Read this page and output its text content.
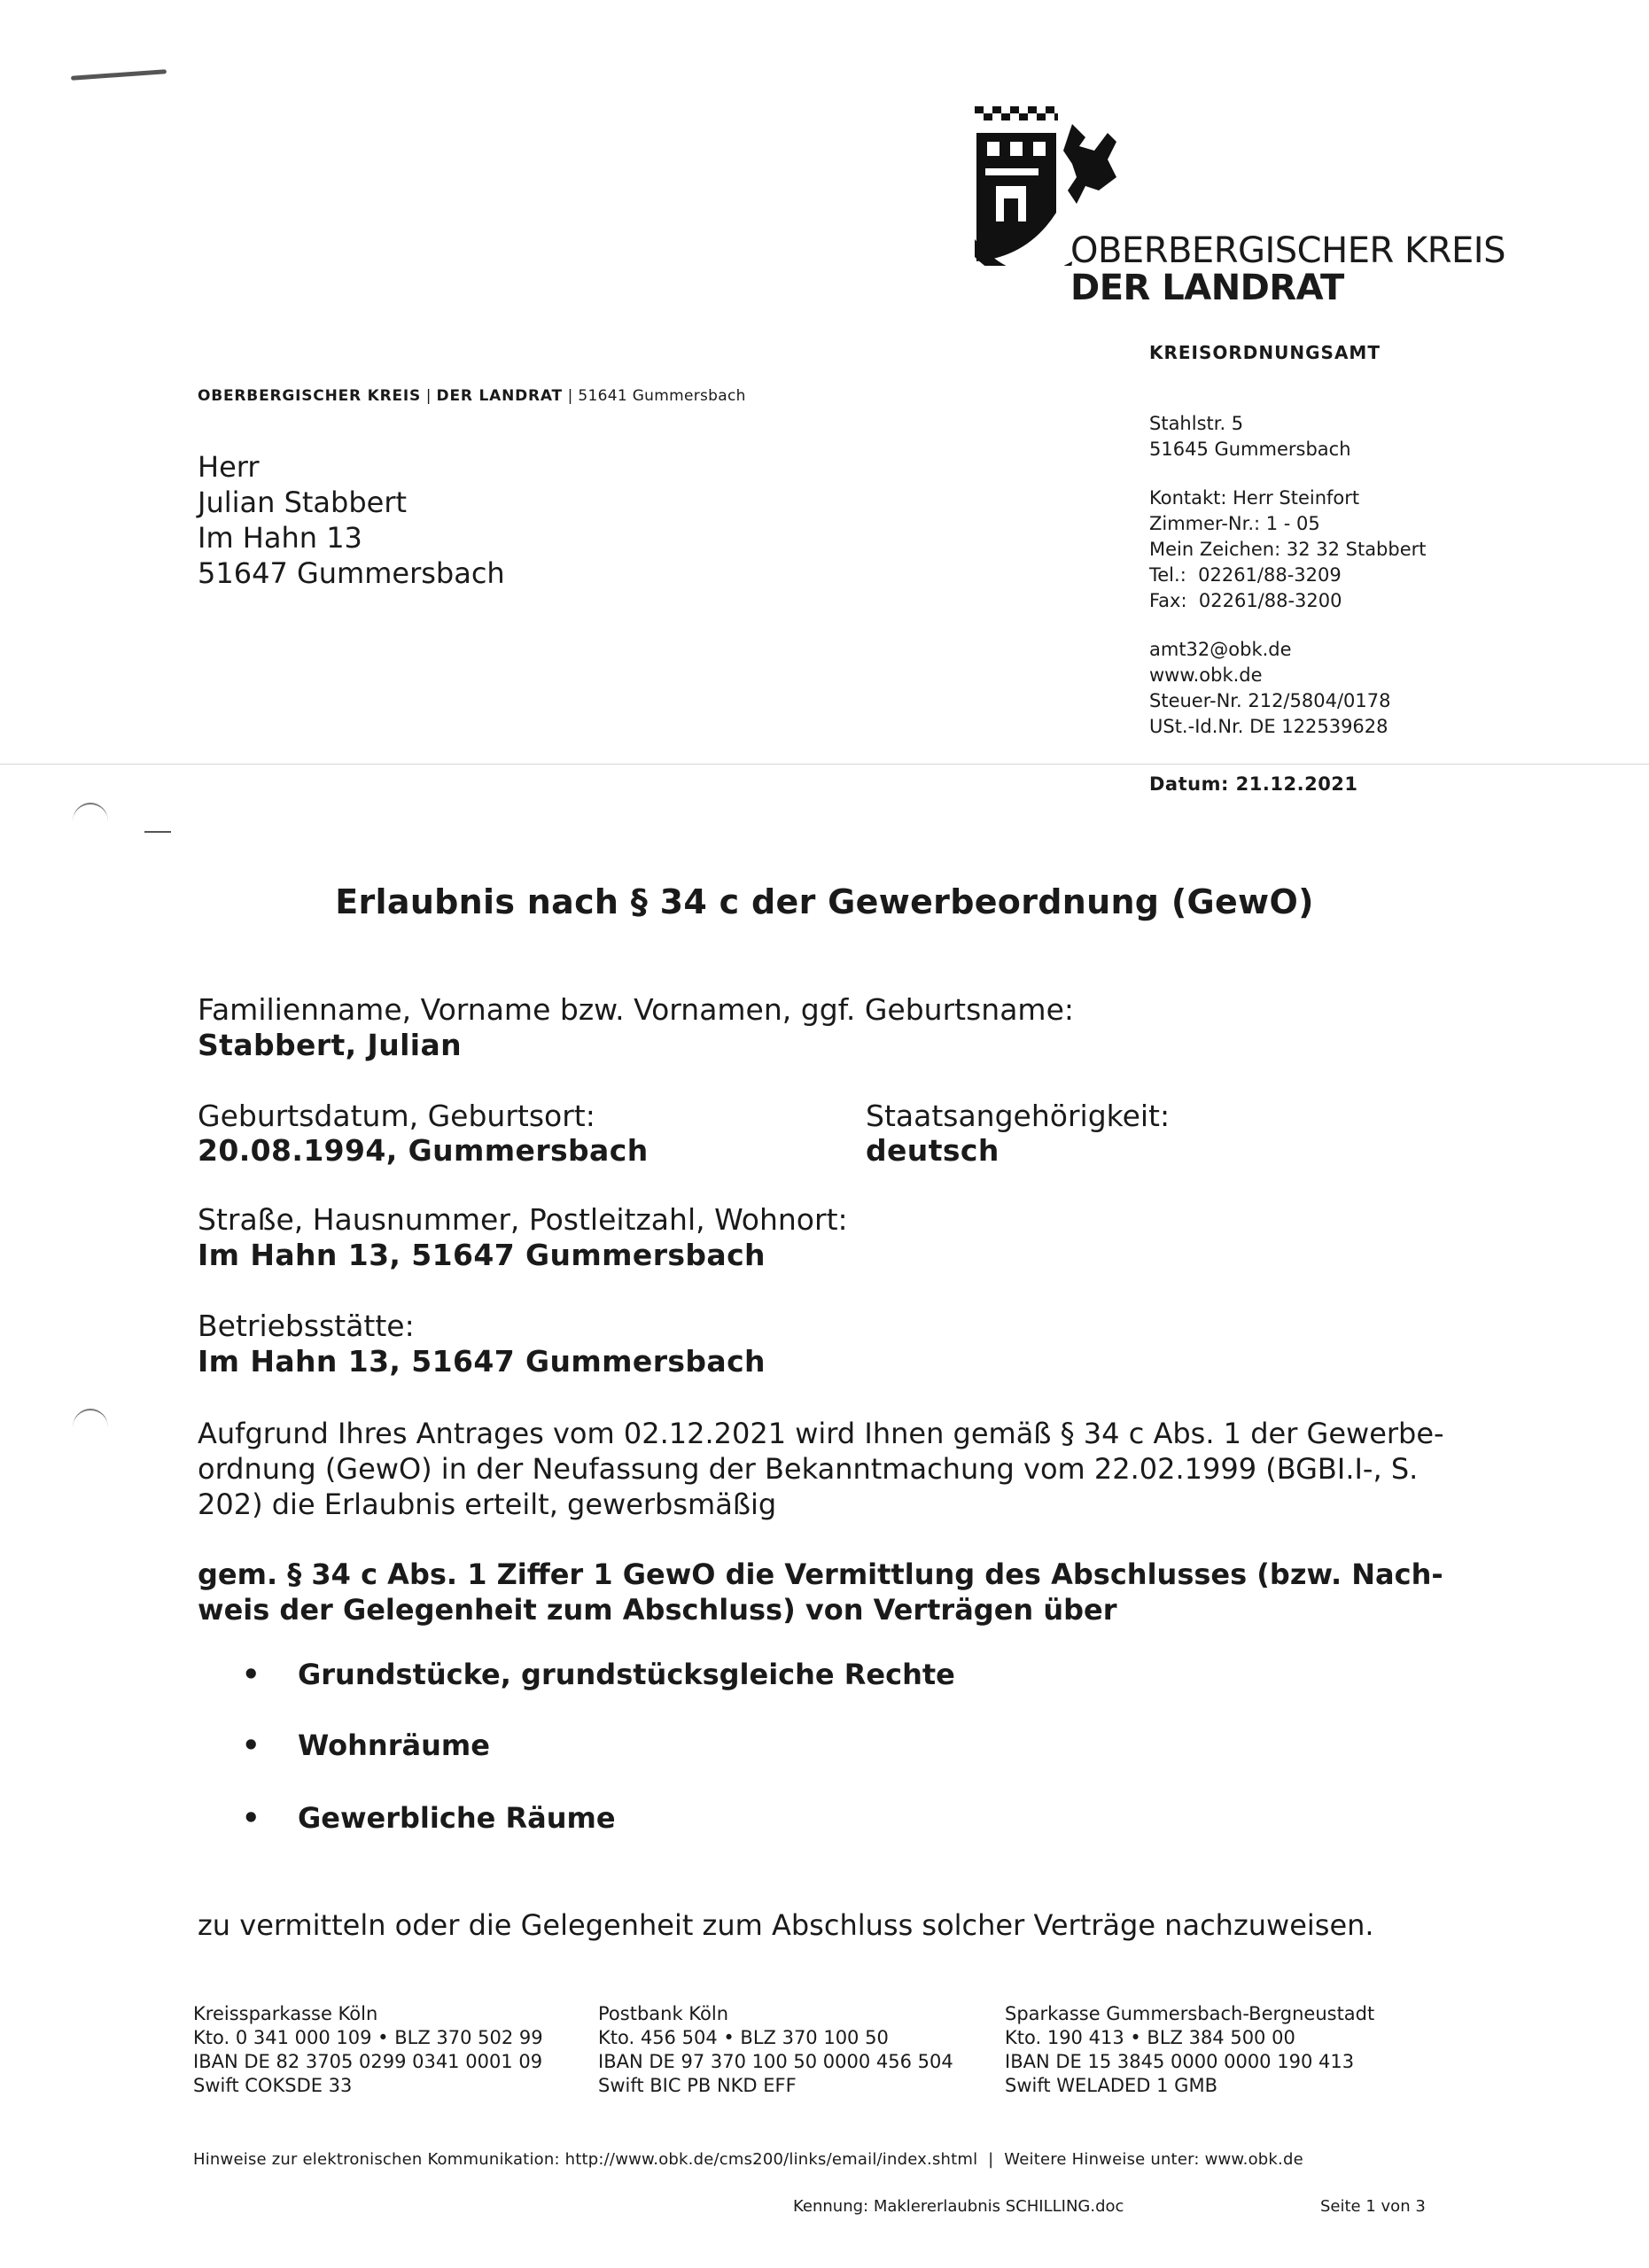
OBERBERGISCHER KREIS
DER LANDRAT
KREISORDNUNGSAMT
OBERBERGISCHER KREIS | DER LANDRAT | 51641 Gummersbach
Herr
Julian Stabbert
Im Hahn 13
51647 Gummersbach
Stahlstr. 5
51645 Gummersbach
Kontakt: Herr Steinfort
Zimmer-Nr.: 1 - 05
Mein Zeichen: 32 32 Stabbert
Tel.:  02261/88-3209
Fax:  02261/88-3200
amt32@obk.de
www.obk.de
Steuer-Nr. 212/5804/0178
USt.-Id.Nr. DE 122539628
Datum: 21.12.2021
Erlaubnis nach § 34 c der Gewerbeordnung (GewO)
Familienname, Vorname bzw. Vornamen, ggf. Geburtsname:
Stabbert, Julian
Geburtsdatum, Geburtsort:
20.08.1994, Gummersbach
Staatsangehörigkeit:
deutsch
Straße, Hausnummer, Postleitzahl, Wohnort:
Im Hahn 13, 51647 Gummersbach
Betriebsstätte:
Im Hahn 13, 51647 Gummersbach
Aufgrund Ihres Antrages vom 02.12.2021 wird Ihnen gemäß § 34 c Abs. 1 der Gewerbe-
ordnung (GewO) in der Neufassung der Bekanntmachung vom 22.02.1999 (BGBI.I-, S.
202) die Erlaubnis erteilt, gewerbsmäßig
gem. § 34 c Abs. 1 Ziffer 1 GewO die Vermittlung des Abschlusses (bzw. Nach-
weis der Gelegenheit zum Abschluss) von Verträgen über
• Grundstücke, grundstücksgleiche Rechte
• Wohnräume
• Gewerbliche Räume
zu vermitteln oder die Gelegenheit zum Abschluss solcher Verträge nachzuweisen.
Kreissparkasse Köln
Kto. 0 341 000 109 • BLZ 370 502 99
IBAN DE 82 3705 0299 0341 0001 09
Swift COKSDE 33
Postbank Köln
Kto. 456 504 • BLZ 370 100 50
IBAN DE 97 370 100 50 0000 456 504
Swift BIC PB NKD EFF
Sparkasse Gummersbach-Bergneustadt
Kto. 190 413 • BLZ 384 500 00
IBAN DE 15 3845 0000 0000 190 413
Swift WELADED 1 GMB
Hinweise zur elektronischen Kommunikation: http://www.obk.de/cms200/links/email/index.shtml  |  Weitere Hinweise unter: www.obk.de
Kennung: Maklererlaubnis SCHILLING.doc	Seite 1 von 3
